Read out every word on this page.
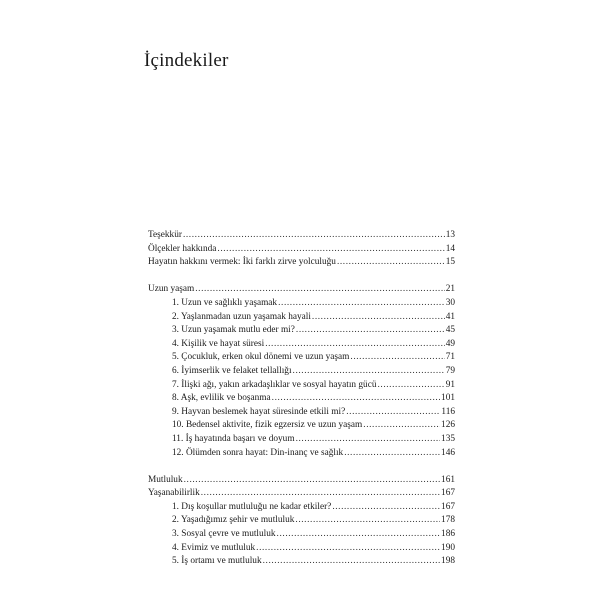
İçindekiler
Teşekkür .....	13
Ölçekler hakkında .....	14
Hayatın hakkını vermek: İki farklı zirve yolculuğu .....	15
Uzun yaşam .....	21
1. Uzun ve sağlıklı yaşamak .....	30
2. Yaşlanmadan uzun yaşamak hayali .....	41
3. Uzun yaşamak mutlu eder mi? .....	45
4. Kişilik ve hayat süresi .....	49
5. Çocukluk, erken okul dönemi ve uzun yaşam .....	71
6. İyimserlik ve felaket tellallığı .....	79
7. İlişki ağı, yakın arkadaşlıklar ve sosyal hayatın gücü .....	91
8. Aşk, evlilik ve boşanma .....	101
9. Hayvan beslemek hayat süresinde etkili mi? .....	116
10. Bedensel aktivite, fizik egzersiz ve uzun yaşam .....	126
11. İş hayatında başarı ve doyum .....	135
12. Ölümden sonra hayat: Din-inanç ve sağlık .....	146
Mutluluk .....	161
Yaşanabilirlik .....	167
1. Dış koşullar mutluluğu ne kadar etkiler? .....	167
2. Yaşadığımız şehir ve mutluluk .....	178
3. Sosyal çevre ve mutluluk .....	186
4. Evimiz ve mutluluk .....	190
5. İş ortamı ve mutluluk .....	198
